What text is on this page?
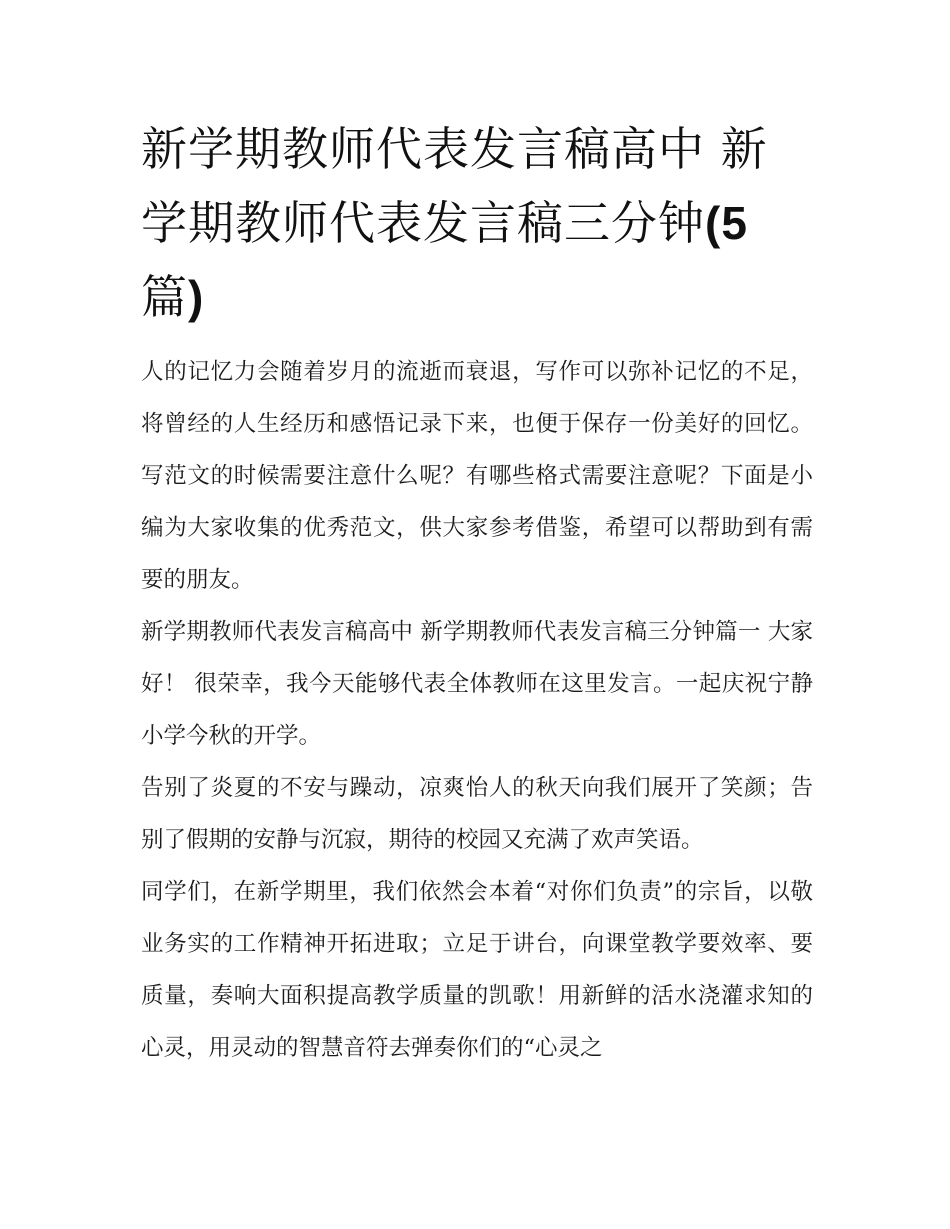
新学期教师代表发言稿高中 新
学期教师代表发言稿三分钟(5
篇)

人的记忆力会随着岁月的流逝而衰退，写作可以弥补记忆的不足，将曾经的人生经历和感悟记录下来，也便于保存一份美好的回忆。写范文的时候需要注意什么呢？有哪些格式需要注意呢？下面是小编为大家收集的优秀范文，供大家参考借鉴，希望可以帮助到有需要的朋友。

新学期教师代表发言稿高中 新学期教师代表发言稿三分钟篇一 大家好！ 很荣幸，我今天能够代表全体教师在这里发言。一起庆祝宁静小学今秋的开学。

告别了炎夏的不安与躁动，凉爽怡人的秋天向我们展开了笑颜；告别了假期的安静与沉寂，期待的校园又充满了欢声笑语。

同学们，在新学期里，我们依然会本着“对你们负责”的宗旨，以敬业务实的工作精神开拓进取；立足于讲台，向课堂教学要效率、要质量，奏响大面积提高教学质量的凯歌！用新鲜的活水浇灌求知的心灵，用灵动的智慧音符去弹奏你们的“心灵之
